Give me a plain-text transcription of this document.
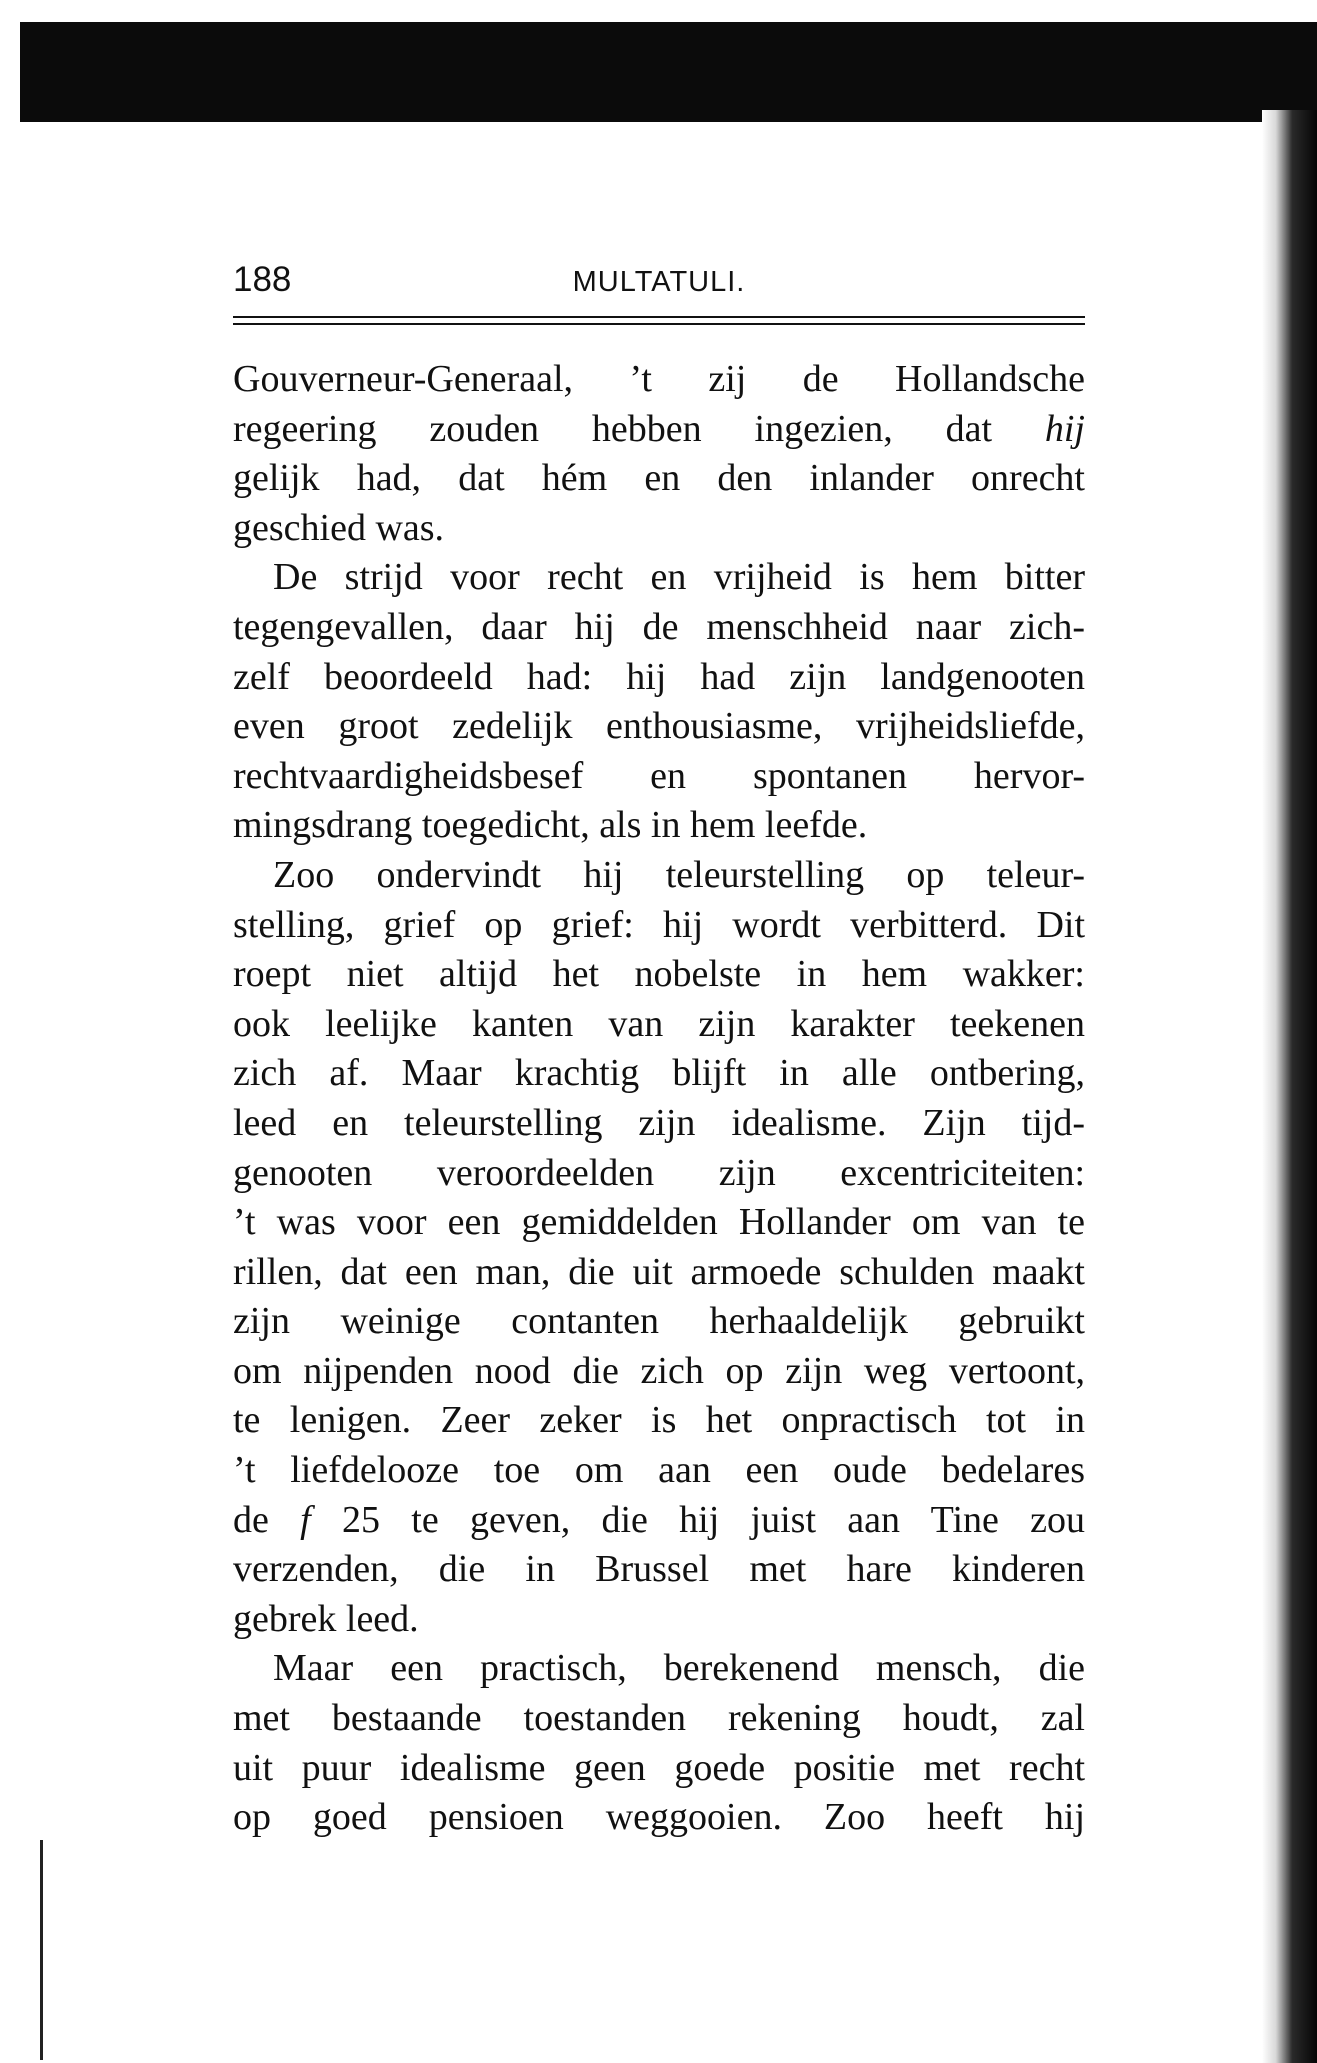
188	MULTATULI.
Gouverneur-Generaal, ’t zij de Hollandsche
regeering zouden hebben ingezien, dat hij
gelijk had, dat hém en den inlander onrecht
geschied was.
De strijd voor recht en vrijheid is hem bitter
tegengevallen, daar hij de menschheid naar zich-
zelf beoordeeld had: hij had zijn landgenooten
even groot zedelijk enthousiasme, vrijheidsliefde,
rechtvaardigheidsbesef en spontanen hervor-
mingsdrang toegedicht, als in hem leefde.
Zoo ondervindt hij teleurstelling op teleur-
stelling, grief op grief: hij wordt verbitterd. Dit
roept niet altijd het nobelste in hem wakker:
ook leelijke kanten van zijn karakter teekenen
zich af. Maar krachtig blijft in alle ontbering,
leed en teleurstelling zijn idealisme. Zijn tijd-
genooten veroordeelden zijn excentriciteiten:
’t was voor een gemiddelden Hollander om van te
rillen, dat een man, die uit armoede schulden maakt
zijn weinige contanten herhaaldelijk gebruikt
om nijpenden nood die zich op zijn weg vertoont,
te lenigen. Zeer zeker is het onpractisch tot in
’t liefdelooze toe om aan een oude bedelares
de f 25 te geven, die hij juist aan Tine zou
verzenden, die in Brussel met hare kinderen
gebrek leed.
Maar een practisch, berekenend mensch, die
met bestaande toestanden rekening houdt, zal
uit puur idealisme geen goede positie met recht
op goed pensioen weggooien. Zoo heeft hij
